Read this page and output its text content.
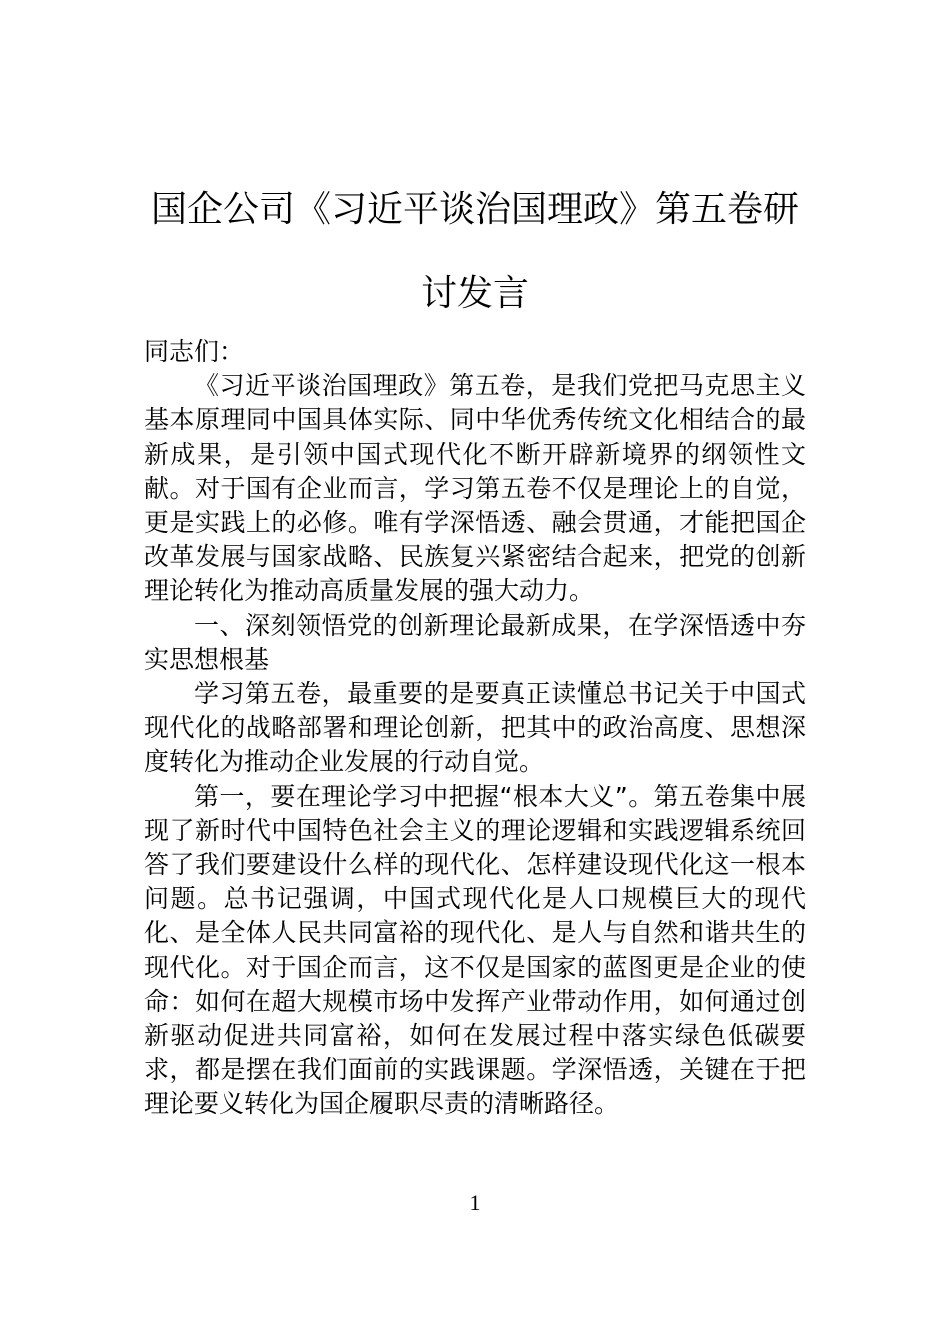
国企公司《习近平谈治国理政》第五卷研
讨发言

同志们：

《习近平谈治国理政》第五卷，是我们党把马克思主义基本原理同中国具体实际、同中华优秀传统文化相结合的最新成果，是引领中国式现代化不断开辟新境界的纲领性文献。对于国有企业而言，学习第五卷不仅是理论上的自觉，更是实践上的必修。唯有学深悟透、融会贯通，才能把国企改革发展与国家战略、民族复兴紧密结合起来，把党的创新理论转化为推动高质量发展的强大动力。

一、深刻领悟党的创新理论最新成果，在学深悟透中夯实思想根基

学习第五卷，最重要的是要真正读懂总书记关于中国式现代化的战略部署和理论创新，把其中的政治高度、思想深度转化为推动企业发展的行动自觉。

第一，要在理论学习中把握“根本大义”。第五卷集中展现了新时代中国特色社会主义的理论逻辑和实践逻辑系统回答了我们要建设什么样的现代化、怎样建设现代化这一根本问题。总书记强调，中国式现代化是人口规模巨大的现代化、是全体人民共同富裕的现代化、是人与自然和谐共生的现代化。对于国企而言，这不仅是国家的蓝图更是企业的使命：如何在超大规模市场中发挥产业带动作用，如何通过创新驱动促进共同富裕，如何在发展过程中落实绿色低碳要求，都是摆在我们面前的实践课题。学深悟透，关键在于把理论要义转化为国企履职尽责的清晰路径。

1
